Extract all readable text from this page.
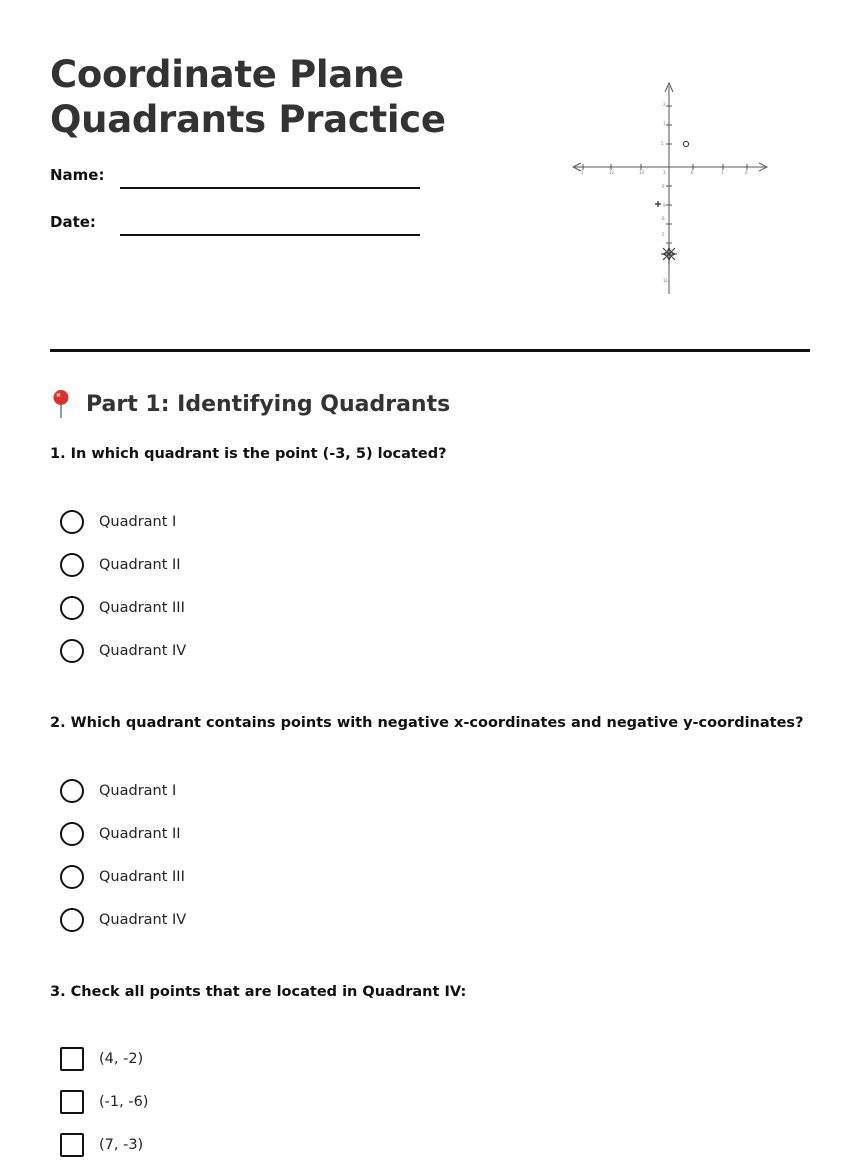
Coordinate Plane
Quadrants Practice
Name:
Date:
1	12	13	3	6	1	0
2
1
5
9
9
6
5
11
Part 1: Identifying Quadrants
1. In which quadrant is the point (-3, 5) located?
Quadrant I
Quadrant II
Quadrant III
Quadrant IV
2. Which quadrant contains points with negative x-coordinates and negative y-coordinates?
Quadrant I
Quadrant II
Quadrant III
Quadrant IV
3. Check all points that are located in Quadrant IV:
(4, -2)
(-1, -6)
(7, -3)
